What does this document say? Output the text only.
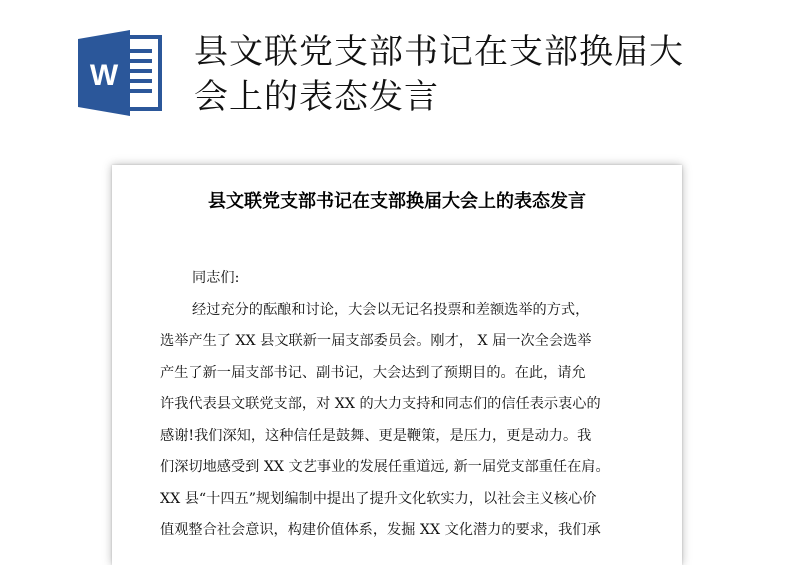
W
县文联党支部书记在支部换届大
会上的表态发言
县文联党支部书记在支部换届大会上的表态发言
同志们:
经过充分的酝酿和讨论，大会以无记名投票和差额选举的方式，
选举产生了 XX 县文联新一届支部委员会。刚才， X 届一次全会选举
产生了新一届支部书记、副书记，大会达到了预期目的。在此，请允
许我代表县文联党支部，对 XX 的大力支持和同志们的信任表示衷心的
感谢!我们深知，这种信任是鼓舞、更是鞭策，是压力，更是动力。我
们深切地感受到 XX 文艺事业的发展任重道远, 新一届党支部重任在肩。
XX 县“十四五”规划编制中提出了提升文化软实力，以社会主义核心价
值观整合社会意识，构建价值体系，发掘 XX 文化潜力的要求，我们承
